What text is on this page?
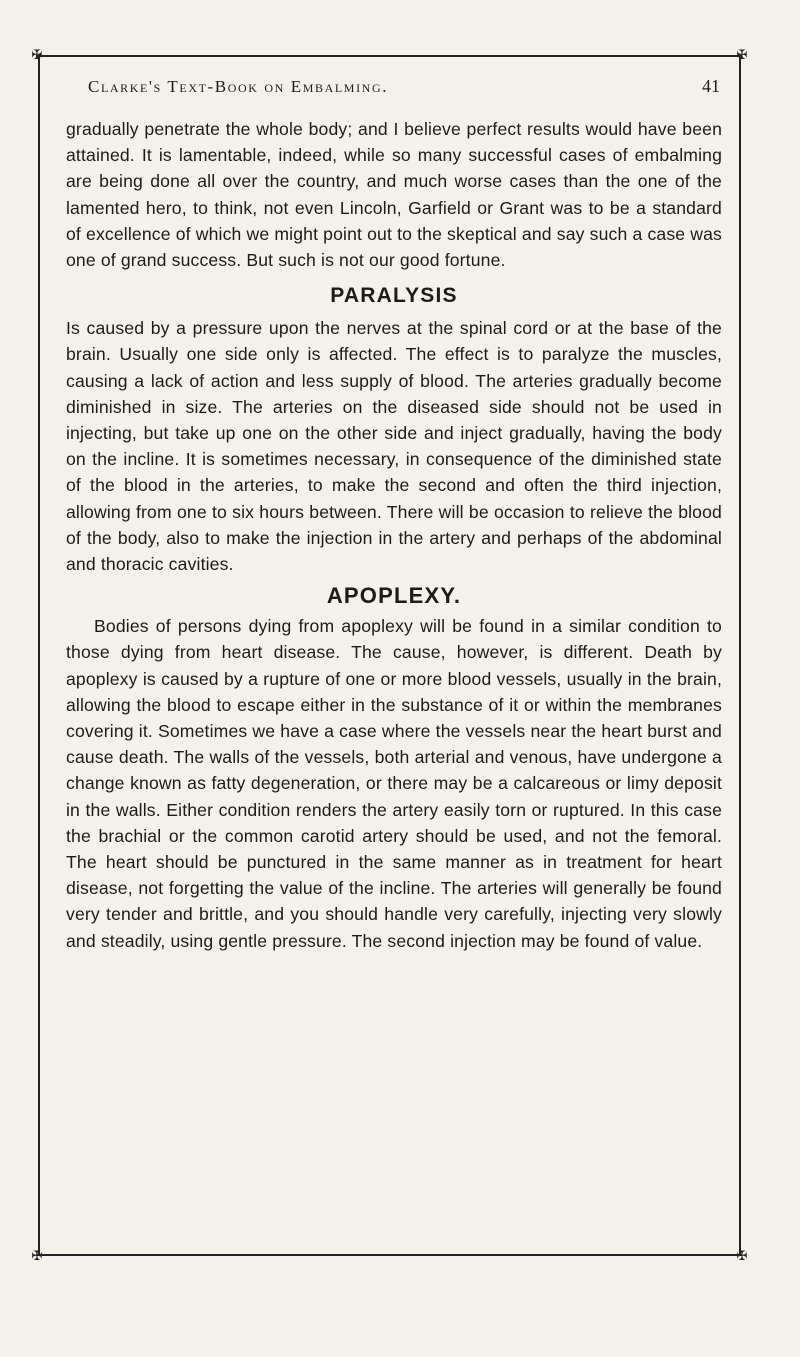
✠	✠
✠	✠
Clarke's Text-Book on Embalming.	41

gradually penetrate the whole body; and I believe perfect results would have been attained. It is lamentable, indeed, while so many successful cases of embalming are being done all over the country, and much worse cases than the one of the lamented hero, to think, not even Lincoln, Garfield or Grant was to be a standard of excellence of which we might point out to the skeptical and say such a case was one of grand success. But such is not our good fortune.

PARALYSIS

Is caused by a pressure upon the nerves at the spinal cord or at the base of the brain. Usually one side only is affected. The effect is to paralyze the muscles, causing a lack of action and less supply of blood. The arteries gradually become diminished in size. The arteries on the diseased side should not be used in injecting, but take up one on the other side and inject gradually, having the body on the incline. It is sometimes necessary, in consequence of the diminished state of the blood in the arteries, to make the second and often the third injection, allowing from one to six hours between. There will be occasion to relieve the blood of the body, also to make the injection in the artery and perhaps of the abdominal and thoracic cavities.

APOPLEXY.

Bodies of persons dying from apoplexy will be found in a similar condition to those dying from heart disease. The cause, however, is different. Death by apoplexy is caused by a rupture of one or more blood vessels, usually in the brain, allowing the blood to escape either in the substance of it or within the membranes covering it. Sometimes we have a case where the vessels near the heart burst and cause death. The walls of the vessels, both arterial and venous, have undergone a change known as fatty degeneration, or there may be a calcareous or limy deposit in the walls. Either condition renders the artery easily torn or ruptured. In this case the brachial or the common carotid artery should be used, and not the femoral. The heart should be punctured in the same manner as in treatment for heart disease, not forgetting the value of the incline. The arteries will generally be found very tender and brittle, and you should handle very carefully, injecting very slowly and steadily, using gentle pressure. The second injection may be found of value.
